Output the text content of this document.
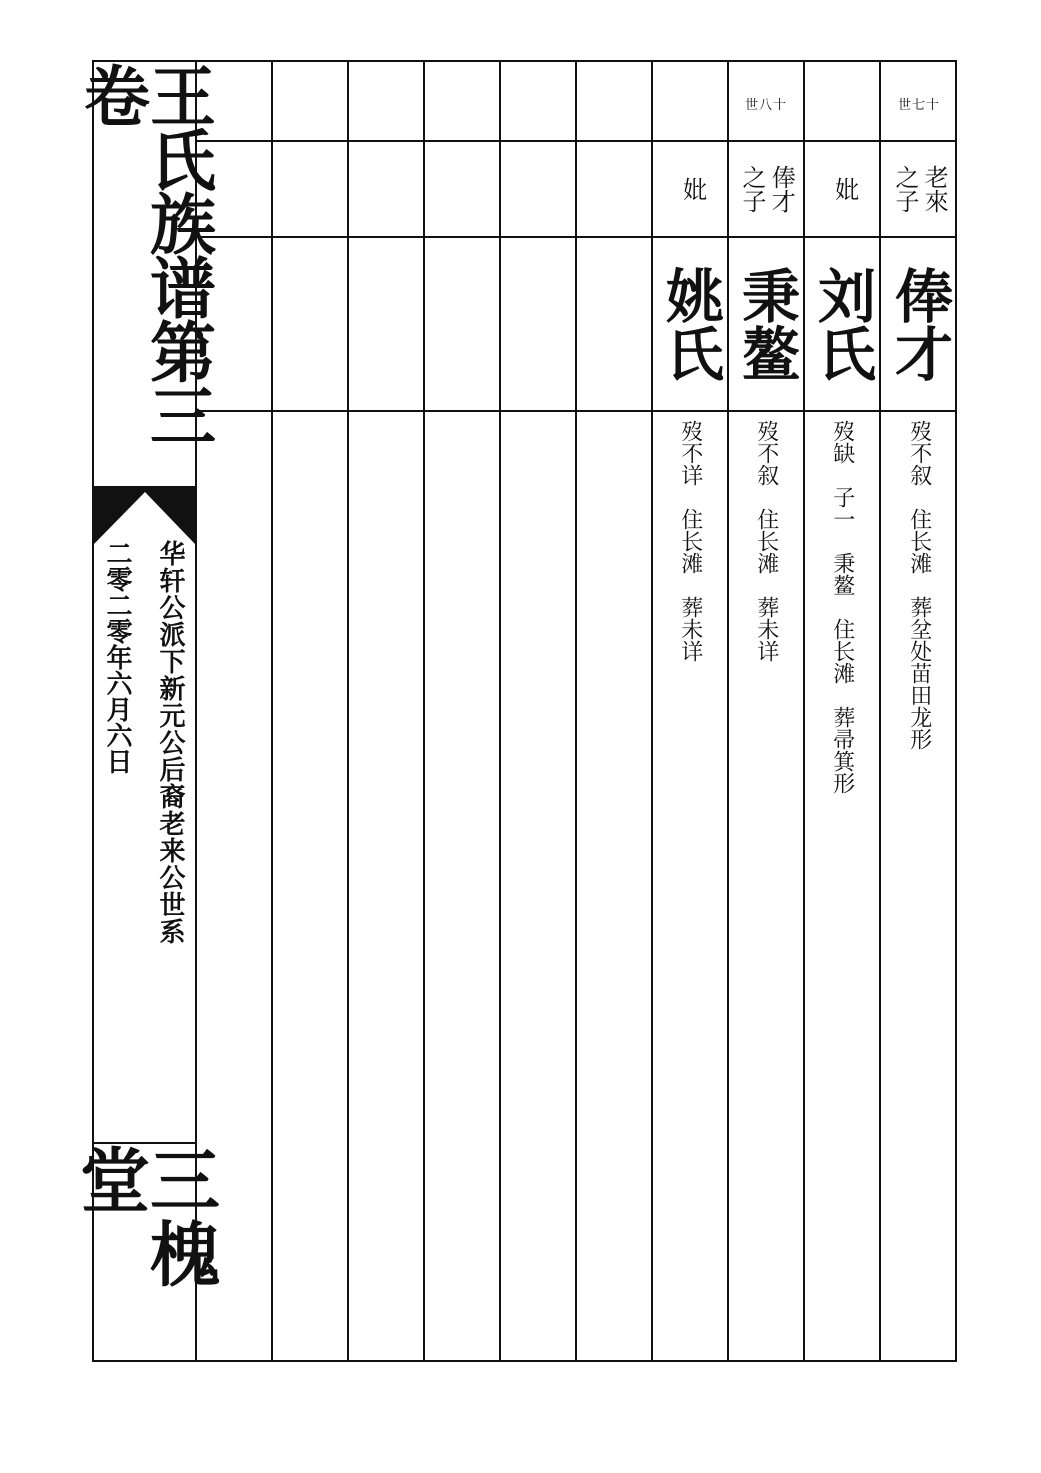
王氏族谱第三卷
华轩公派下新元公后裔老来公世系
二零二零年六月六日
三槐堂
世七十
老來
之子
俸才
歿不叙　住长滩　葬坌处苗田龙形
妣
刘氏
歿缺　子一　秉鳌　住长滩　葬帚箕形
世八十
俸才
之子
秉鳌
歿不叙　住长滩　葬未详
妣
姚氏
歿不详　住长滩　葬未详
